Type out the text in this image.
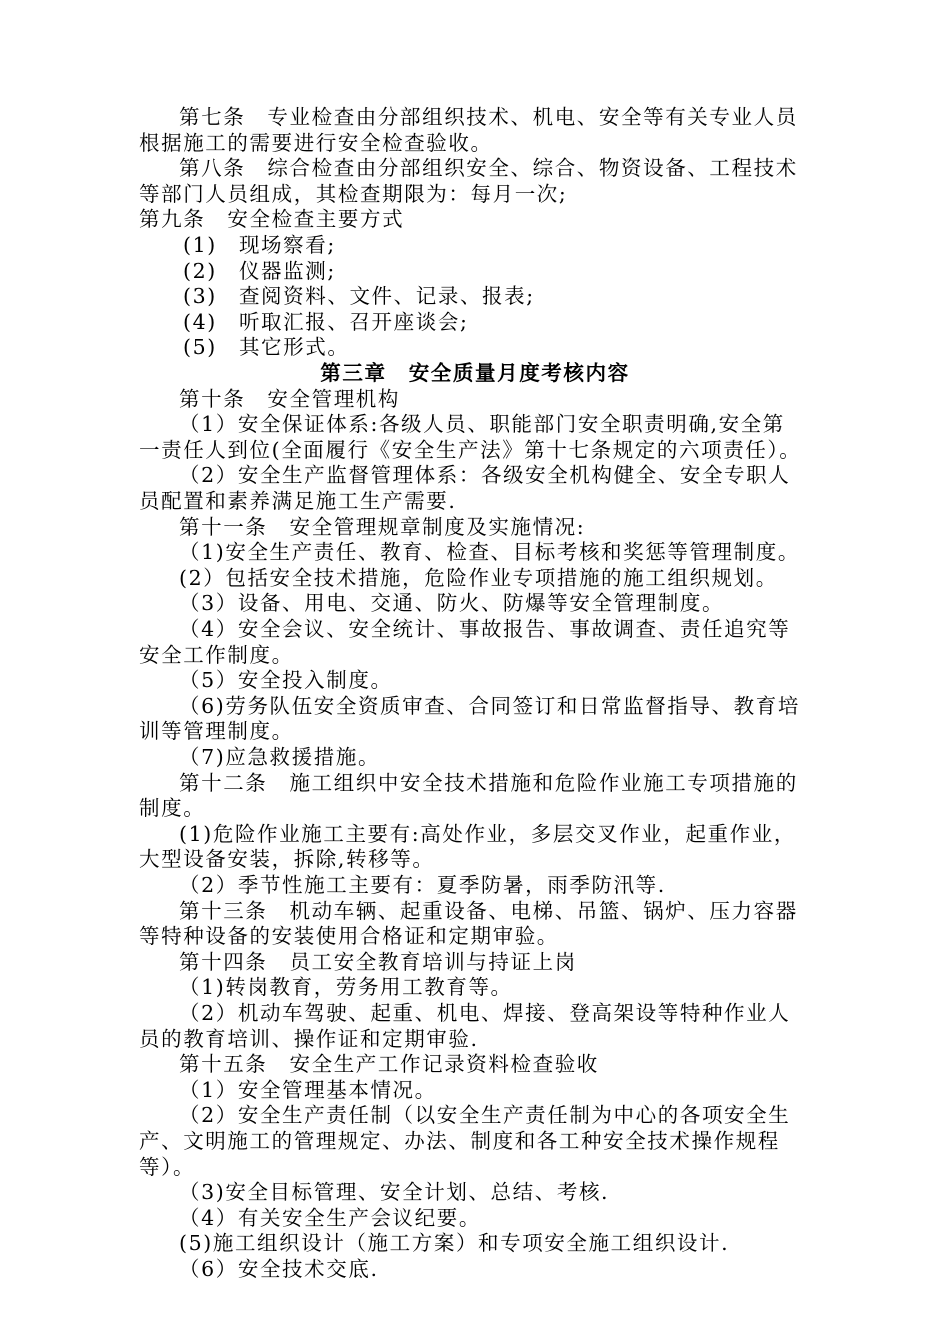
第七条　专业检查由分部组织技术、机电、安全等有关专业人员
根据施工的需要进行安全检查验收。
第八条　综合检查由分部组织安全、综合、物资设备、工程技术
等部门人员组成，其检查期限为：每月一次;
第九条　安全检查主要方式
(1)　现场察看;
(2)　仪器监测;
(3)　查阅资料、文件、记录、报表;
(4)　听取汇报、召开座谈会;
(5)　其它形式。
第三章　安全质量月度考核内容
第十条　安全管理机构
（1）安全保证体系:各级人员、职能部门安全职责明确,安全第
一责任人到位(全面履行《安全生产法》第十七条规定的六项责任）。
（2）安全生产监督管理体系：各级安全机构健全、安全专职人
员配置和素养满足施工生产需要.
第十一条　安全管理规章制度及实施情况:
（1)安全生产责任、教育、检查、目标考核和奖惩等管理制度。
(2）包括安全技术措施，危险作业专项措施的施工组织规划。
（3）设备、用电、交通、防火、防爆等安全管理制度。
（4）安全会议、安全统计、事故报告、事故调查、责任追究等
安全工作制度。
（5）安全投入制度。
（6)劳务队伍安全资质审查、合同签订和日常监督指导、教育培
训等管理制度。
（7)应急救援措施。
第十二条　施工组织中安全技术措施和危险作业施工专项措施的
制度。
(1)危险作业施工主要有:高处作业，多层交叉作业，起重作业，
大型设备安装，拆除,转移等。
（2）季节性施工主要有：夏季防暑，雨季防汛等.
第十三条　机动车辆、起重设备、电梯、吊篮、锅炉、压力容器
等特种设备的安装使用合格证和定期审验。
第十四条　员工安全教育培训与持证上岗
（1)转岗教育，劳务用工教育等。
（2）机动车驾驶、起重、机电、焊接、登高架设等特种作业人
员的教育培训、操作证和定期审验.
第十五条　安全生产工作记录资料检查验收
（1）安全管理基本情况。
（2）安全生产责任制（以安全生产责任制为中心的各项安全生
产、文明施工的管理规定、办法、制度和各工种安全技术操作规程
等）。
（3)安全目标管理、安全计划、总结、考核.
（4）有关安全生产会议纪要。
(5)施工组织设计（施工方案）和专项安全施工组织设计.
（6）安全技术交底.
